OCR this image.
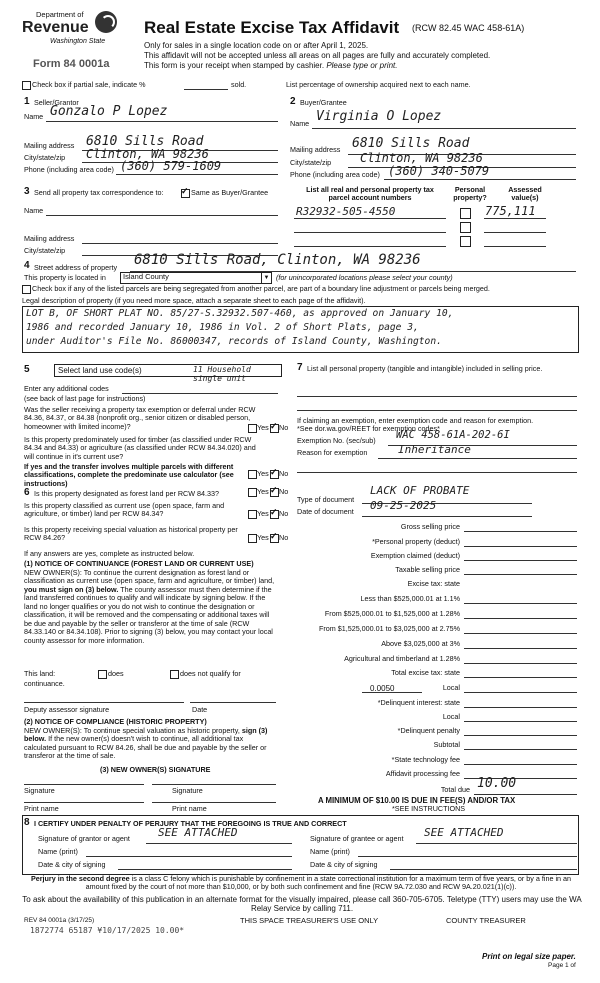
Department of
Revenue
Washington State
Form 84 0001a
Real Estate Excise Tax Affidavit (RCW 82.45 WAC 458-61A)
Only for sales in a single location code on or after April 1, 2025.
This affidavit will not be accepted unless all areas on all pages are fully and accurately completed.
This form is your receipt when stamped by cashier. Please type or print.
Check box if partial sale, indicate %	sold.	List percentage of ownership acquired next to each name.
1 Seller/Grantor
Name Gonzalo P Lopez
Mailing address 6810 Sills Road
City/state/zip Clinton, WA 98236
Phone (including area code) (360) 579-1609
2 Buyer/Grantee
Name Virginia O Lopez
Mailing address 6810 Sills Road
City/state/zip Clinton, WA 98236
Phone (including area code) (360) 340-5079
3 Send all property tax correspondence to: ✓ Same as Buyer/Grantee
Name
Mailing address
City/state/zip
List all real and personal property tax parcel account numbers
Personal property?
Assessed value(s)
R32932-505-4550	775,111
4 Street address of property 6810 Sills Road, Clinton, WA 98236
This property is located in Island County	▼ (for unincorporated locations please select your county)
Check box if any of the listed parcels are being segregated from another parcel, are part of a boundary line adjustment or parcels being merged.
Legal description of property (if you need more space, attach a separate sheet to each page of the affidavit).
LOT B, OF SHORT PLAT NO. 85/27-S.32932.507-460, as approved on January 10,
1986 and recorded January 10, 1986 in Vol. 2 of Short Plats, page 3,
under Auditor's File No. 86000347, records of Island County, Washington.
5	Select land use code(s)	11 Household single unit
Enter any additional codes
(see back of last page for instructions)
Was the seller receiving a property tax exemption or deferral under RCW 84.36, 84.37, or 84.38 (nonprofit org., senior citizen or disabled person, homeowner with limited income)?	Yes ✓ No
Is this property predominately used for timber (as classified under RCW 84.34 and 84.33) or agriculture (as classified under RCW 84.34.020) and will continue in it's current use?
If yes and the transfer involves multiple parcels with different classifications, complete the predominate use calculator (see instructions)
Yes ✓ No
6 Is this property designated as forest land per RCW 84.33?	Yes ✓ No
Is this property classified as current use (open space, farm and agriculture, or timber) land per RCW 84.34?	Yes ✓ No
Is this property receiving special valuation as historical property per RCW 84.26?	Yes ✓ No
If any answers are yes, complete as instructed below.
(1) NOTICE OF CONTINUANCE (FOREST LAND OR CURRENT USE)
NEW OWNER(S): To continue the current designation as forest land or classification as current use (open space, farm and agriculture, or timber) land, you must sign on (3) below. The county assessor must then determine if the land transferred continues to qualify and will indicate by signing below. If the land no longer qualifies or you do not wish to continue the designation or classification, it will be removed and the compensating or additional taxes will be due and payable by the seller or transferor at the time of sale (RCW 84.33.140 or 84.34.108). Prior to signing (3) below, you may contact your local county assessor for more information.
This land:	does	does not qualify for
continuance.
Deputy assessor signature	Date
(2) NOTICE OF COMPLIANCE (HISTORIC PROPERTY)
NEW OWNER(S): To continue special valuation as historic property, sign (3) below. If the new owner(s) doesn't wish to continue, all additional tax calculated pursuant to RCW 84.26, shall be due and payable by the seller or transferor at the time of sale.
(3) NEW OWNER(S) SIGNATURE
Signature	Signature
Print name	Print name
7 List all personal property (tangible and intangible) included in selling price.
If claiming an exemption, enter exemption code and reason for exemption. *See dor.wa.gov/REET for exemption codes*
Exemption No. (sec/sub) WAC 458-61A-202-6I
Reason for exemption	Inheritance
Type of document
LACK OF PROBATE
Date of document 09-25-2025
Gross selling price
*Personal property (deduct)
Exemption claimed (deduct)
Taxable selling price
Excise tax: state
Less than $525,000.01 at 1.1%
From $525,000.01 to $1,525,000 at 1.28%
From $1,525,000.01 to $3,025,000 at 2.75%
Above $3,025,000 at 3%
Agricultural and timberland at 1.28%
Total excise tax: state
0.0050	Local
*Delinquent interest: state
Local
*Delinquent penalty
Subtotal
*State technology fee
Affidavit processing fee
Total due 10.00
A MINIMUM OF $10.00 IS DUE IN FEE(S) AND/OR TAX
*SEE INSTRUCTIONS
8 I CERTIFY UNDER PENALTY OF PERJURY THAT THE FOREGOING IS TRUE AND CORRECT
Signature of grantor or agent	SEE ATTACHED	Signature of grantee or agent SEE ATTACHED
Name (print)	Name (print)
Date & city of signing	Date & city of signing
Perjury in the second degree is a class C felony which is punishable by confinement in a state correctional institution for a maximum term of five years, or by a fine in an amount fixed by the court of not more than $10,000, or by both such confinement and fine (RCW 9A.72.030 and RCW 9A.20.021(1)(c)).
To ask about the availability of this publication in an alternate format for the visually impaired, please call 360-705-6705. Teletype (TTY) users may use the WA Relay Service by calling 711.
REV 84 0001a (3/17/25)
1872774 65187 ¥10/17/2025 10.00*
THIS SPACE TREASURER'S USE ONLY	COUNTY TREASURER
Print on legal size paper.
Page 1 of
